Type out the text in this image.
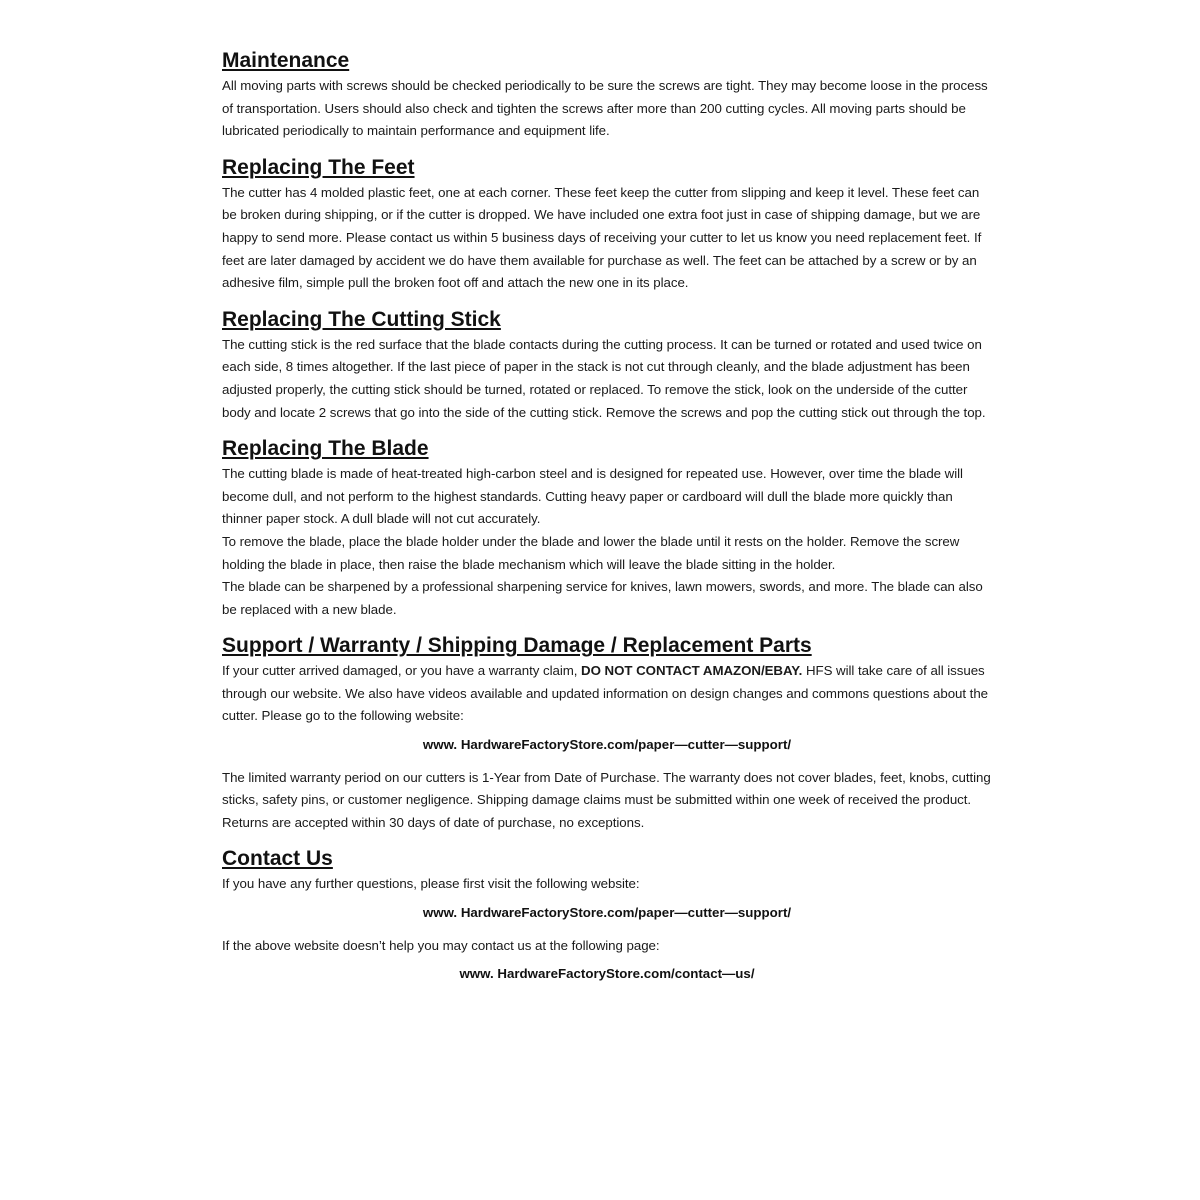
Maintenance

All moving parts with screws should be checked periodically to be sure the screws are tight. They may become loose in the process of transportation. Users should also check and tighten the screws after more than 200 cutting cycles. All moving parts should be lubricated periodically to maintain performance and equipment life.

Replacing The Feet

The cutter has 4 molded plastic feet, one at each corner. These feet keep the cutter from slipping and keep it level. These feet can be broken during shipping, or if the cutter is dropped. We have included one extra foot just in case of shipping damage, but we are happy to send more. Please contact us within 5 business days of receiving your cutter to let us know you need replacement feet. If feet are later damaged by accident we do have them available for purchase as well. The feet can be attached by a screw or by an adhesive film, simple pull the broken foot off and attach the new one in its place.

Replacing The Cutting Stick

The cutting stick is the red surface that the blade contacts during the cutting process. It can be turned or rotated and used twice on each side, 8 times altogether. If the last piece of paper in the stack is not cut through cleanly, and the blade adjustment has been adjusted properly, the cutting stick should be turned, rotated or replaced. To remove the stick, look on the underside of the cutter body and locate 2 screws that go into the side of the cutting stick. Remove the screws and pop the cutting stick out through the top.

Replacing The Blade

The cutting blade is made of heat-treated high-carbon steel and is designed for repeated use. However, over time the blade will become dull, and not perform to the highest standards. Cutting heavy paper or cardboard will dull the blade more quickly than thinner paper stock. A dull blade will not cut accurately.

To remove the blade, place the blade holder under the blade and lower the blade until it rests on the holder. Remove the screw holding the blade in place, then raise the blade mechanism which will leave the blade sitting in the holder.

The blade can be sharpened by a professional sharpening service for knives, lawn mowers, swords, and more. The blade can also be replaced with a new blade.

Support / Warranty / Shipping Damage / Replacement Parts

If your cutter arrived damaged, or you have a warranty claim, DO NOT CONTACT AMAZON/EBAY. HFS will take care of all issues through our website. We also have videos available and updated information on design changes and commons questions about the cutter. Please go to the following website:

www. HardwareFactoryStore.com/paper—cutter—support/

The limited warranty period on our cutters is 1-Year from Date of Purchase. The warranty does not cover blades, feet, knobs, cutting sticks, safety pins, or customer negligence. Shipping damage claims must be submitted within one week of received the product. Returns are accepted within 30 days of date of purchase, no exceptions.

Contact Us

If you have any further questions, please first visit the following website:

www. HardwareFactoryStore.com/paper—cutter—support/

If the above website doesn’t help you may contact us at the following page:

www. HardwareFactoryStore.com/contact—us/
